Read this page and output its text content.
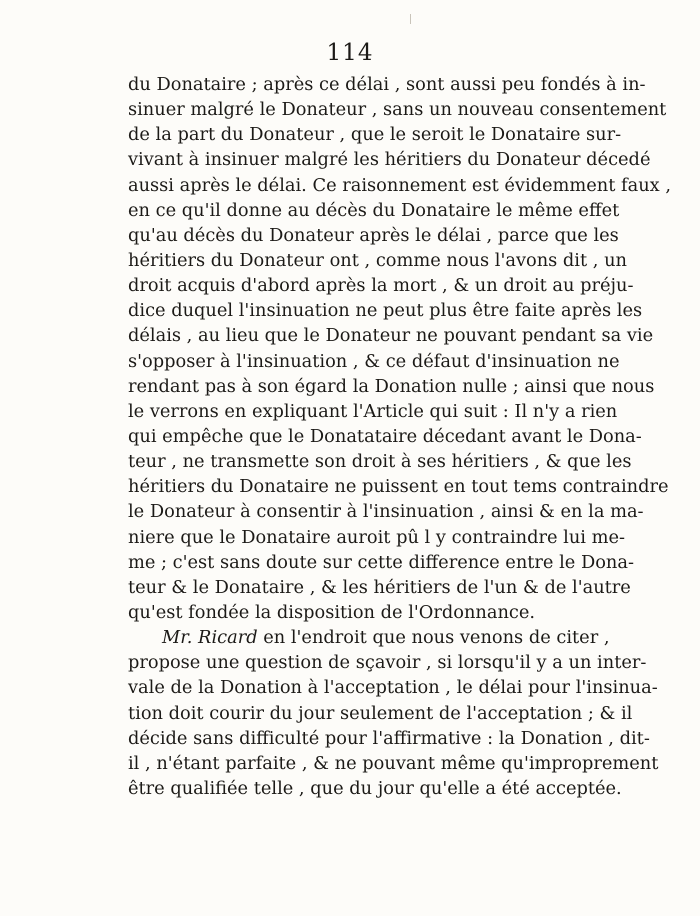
114
du Donataire ; après ce délai , sont aussi peu fondés à in-
sinuer malgré le Donateur , sans un nouveau consentement
de la part du Donateur , que le seroit le Donataire sur-
vivant à insinuer malgré les héritiers du Donateur décedé
aussi après le délai. Ce raisonnement est évidemment faux ,
en ce qu'il donne au décès du Donataire le même effet
qu'au décès du Donateur après le délai , parce que les
héritiers du Donateur ont , comme nous l'avons dit , un
droit acquis d'abord après la mort , & un droit au préju-
dice duquel l'insinuation ne peut plus être faite après les
délais , au lieu que le Donateur ne pouvant pendant sa vie
s'opposer à l'insinuation , & ce défaut d'insinuation ne
rendant pas à son égard la Donation nulle ; ainsi que nous
le verrons en expliquant l'Article qui suit : Il n'y a rien
qui empêche que le Donatataire décedant avant le Dona-
teur , ne transmette son droit à ses héritiers , & que les
héritiers du Donataire ne puissent en tout tems contraindre
le Donateur à consentir à l'insinuation , ainsi & en la ma-
niere que le Donataire auroit pû l y contraindre lui me-
me ; c'est sans doute sur cette difference entre le Dona-
teur & le Donataire , & les héritiers de l'un & de l'autre
qu'est fondée la disposition de l'Ordonnance.
Mr. Ricard en l'endroit que nous venons de citer ,
propose une question de sçavoir , si lorsqu'il y a un inter-
vale de la Donation à l'acceptation , le délai pour l'insinua-
tion doit courir du jour seulement de l'acceptation ; & il
décide sans difficulté pour l'affirmative : la Donation , dit-
il , n'étant parfaite , & ne pouvant même qu'improprement
être qualifiée telle , que du jour qu'elle a été acceptée.
